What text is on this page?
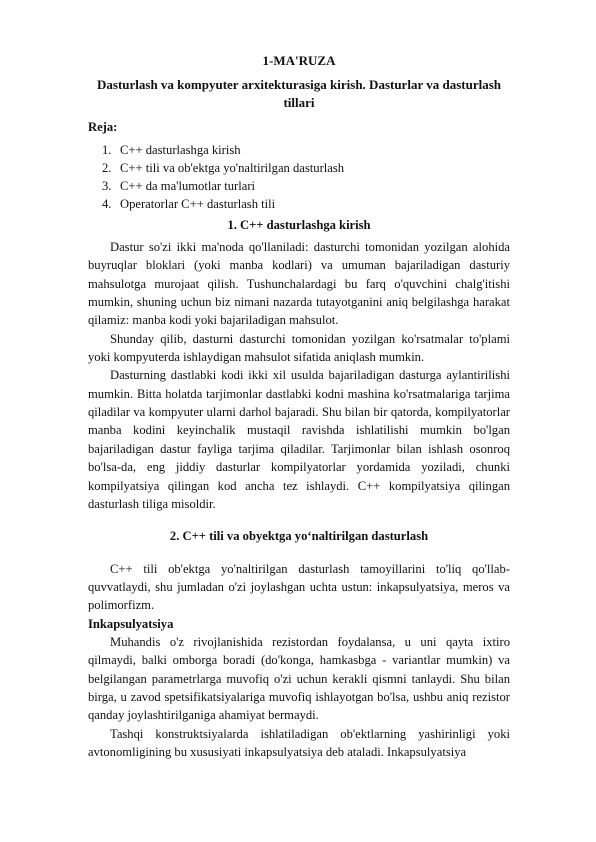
1-MA'RUZA
Dasturlash va kompyuter arxitekturasiga kirish. Dasturlar va dasturlash tillari
Reja:
1. C++ dasturlashga kirish
2. C++ tili va ob'ektga yo'naltirilgan dasturlash
3. C++ da ma'lumotlar turlari
4. Operatorlar C++ dasturlash tili
1. C++ dasturlashga kirish

Dastur so'zi ikki ma'noda qo'llaniladi: dasturchi tomonidan yozilgan alohida buyruqlar bloklari (yoki manba kodlari) va umuman bajariladigan dasturiy mahsulotga murojaat qilish. Tushunchalardagi bu farq o'quvchini chalg'itishi mumkin, shuning uchun biz nimani nazarda tutayotganini aniq belgilashga harakat qilamiz: manba kodi yoki bajariladigan mahsulot.

Shunday qilib, dasturni dasturchi tomonidan yozilgan ko'rsatmalar to'plami yoki kompyuterda ishlaydigan mahsulot sifatida aniqlash mumkin.

Dasturning dastlabki kodi ikki xil usulda bajariladigan dasturga aylantirilishi mumkin. Bitta holatda tarjimonlar dastlabki kodni mashina ko'rsatmalariga tarjima qiladilar va kompyuter ularni darhol bajaradi. Shu bilan bir qatorda, kompilyatorlar manba kodini keyinchalik mustaqil ravishda ishlatilishi mumkin bo'lgan bajariladigan dastur fayliga tarjima qiladilar. Tarjimonlar bilan ishlash osonroq bo'lsa-da, eng jiddiy dasturlar kompilyatorlar yordamida yoziladi, chunki kompilyatsiya qilingan kod ancha tez ishlaydi. C++ kompilyatsiya qilingan dasturlash tiliga misoldir.

2. C++ tili va obyektga yo‘naltirilgan dasturlash

C++ tili ob'ektga yo'naltirilgan dasturlash tamoyillarini to'liq qo'llab-quvvatlaydi, shu jumladan o'zi joylashgan uchta ustun: inkapsulyatsiya, meros va polimorfizm.

Inkapsulyatsiya

Muhandis o'z rivojlanishida rezistordan foydalansa, u uni qayta ixtiro qilmaydi, balki omborga boradi (do'konga, hamkasbga - variantlar mumkin) va belgilangan parametrlarga muvofiq o'zi uchun kerakli qismni tanlaydi. Shu bilan birga, u zavod spetsifikatsiyalariga muvofiq ishlayotgan bo'lsa, ushbu aniq rezistor qanday joylashtirilganiga ahamiyat bermaydi.

Tashqi konstruktsiyalarda ishlatiladigan ob'ektlarning yashirinligi yoki avtonomligining bu xususiyati inkapsulyatsiya deb ataladi. Inkapsulyatsiya
